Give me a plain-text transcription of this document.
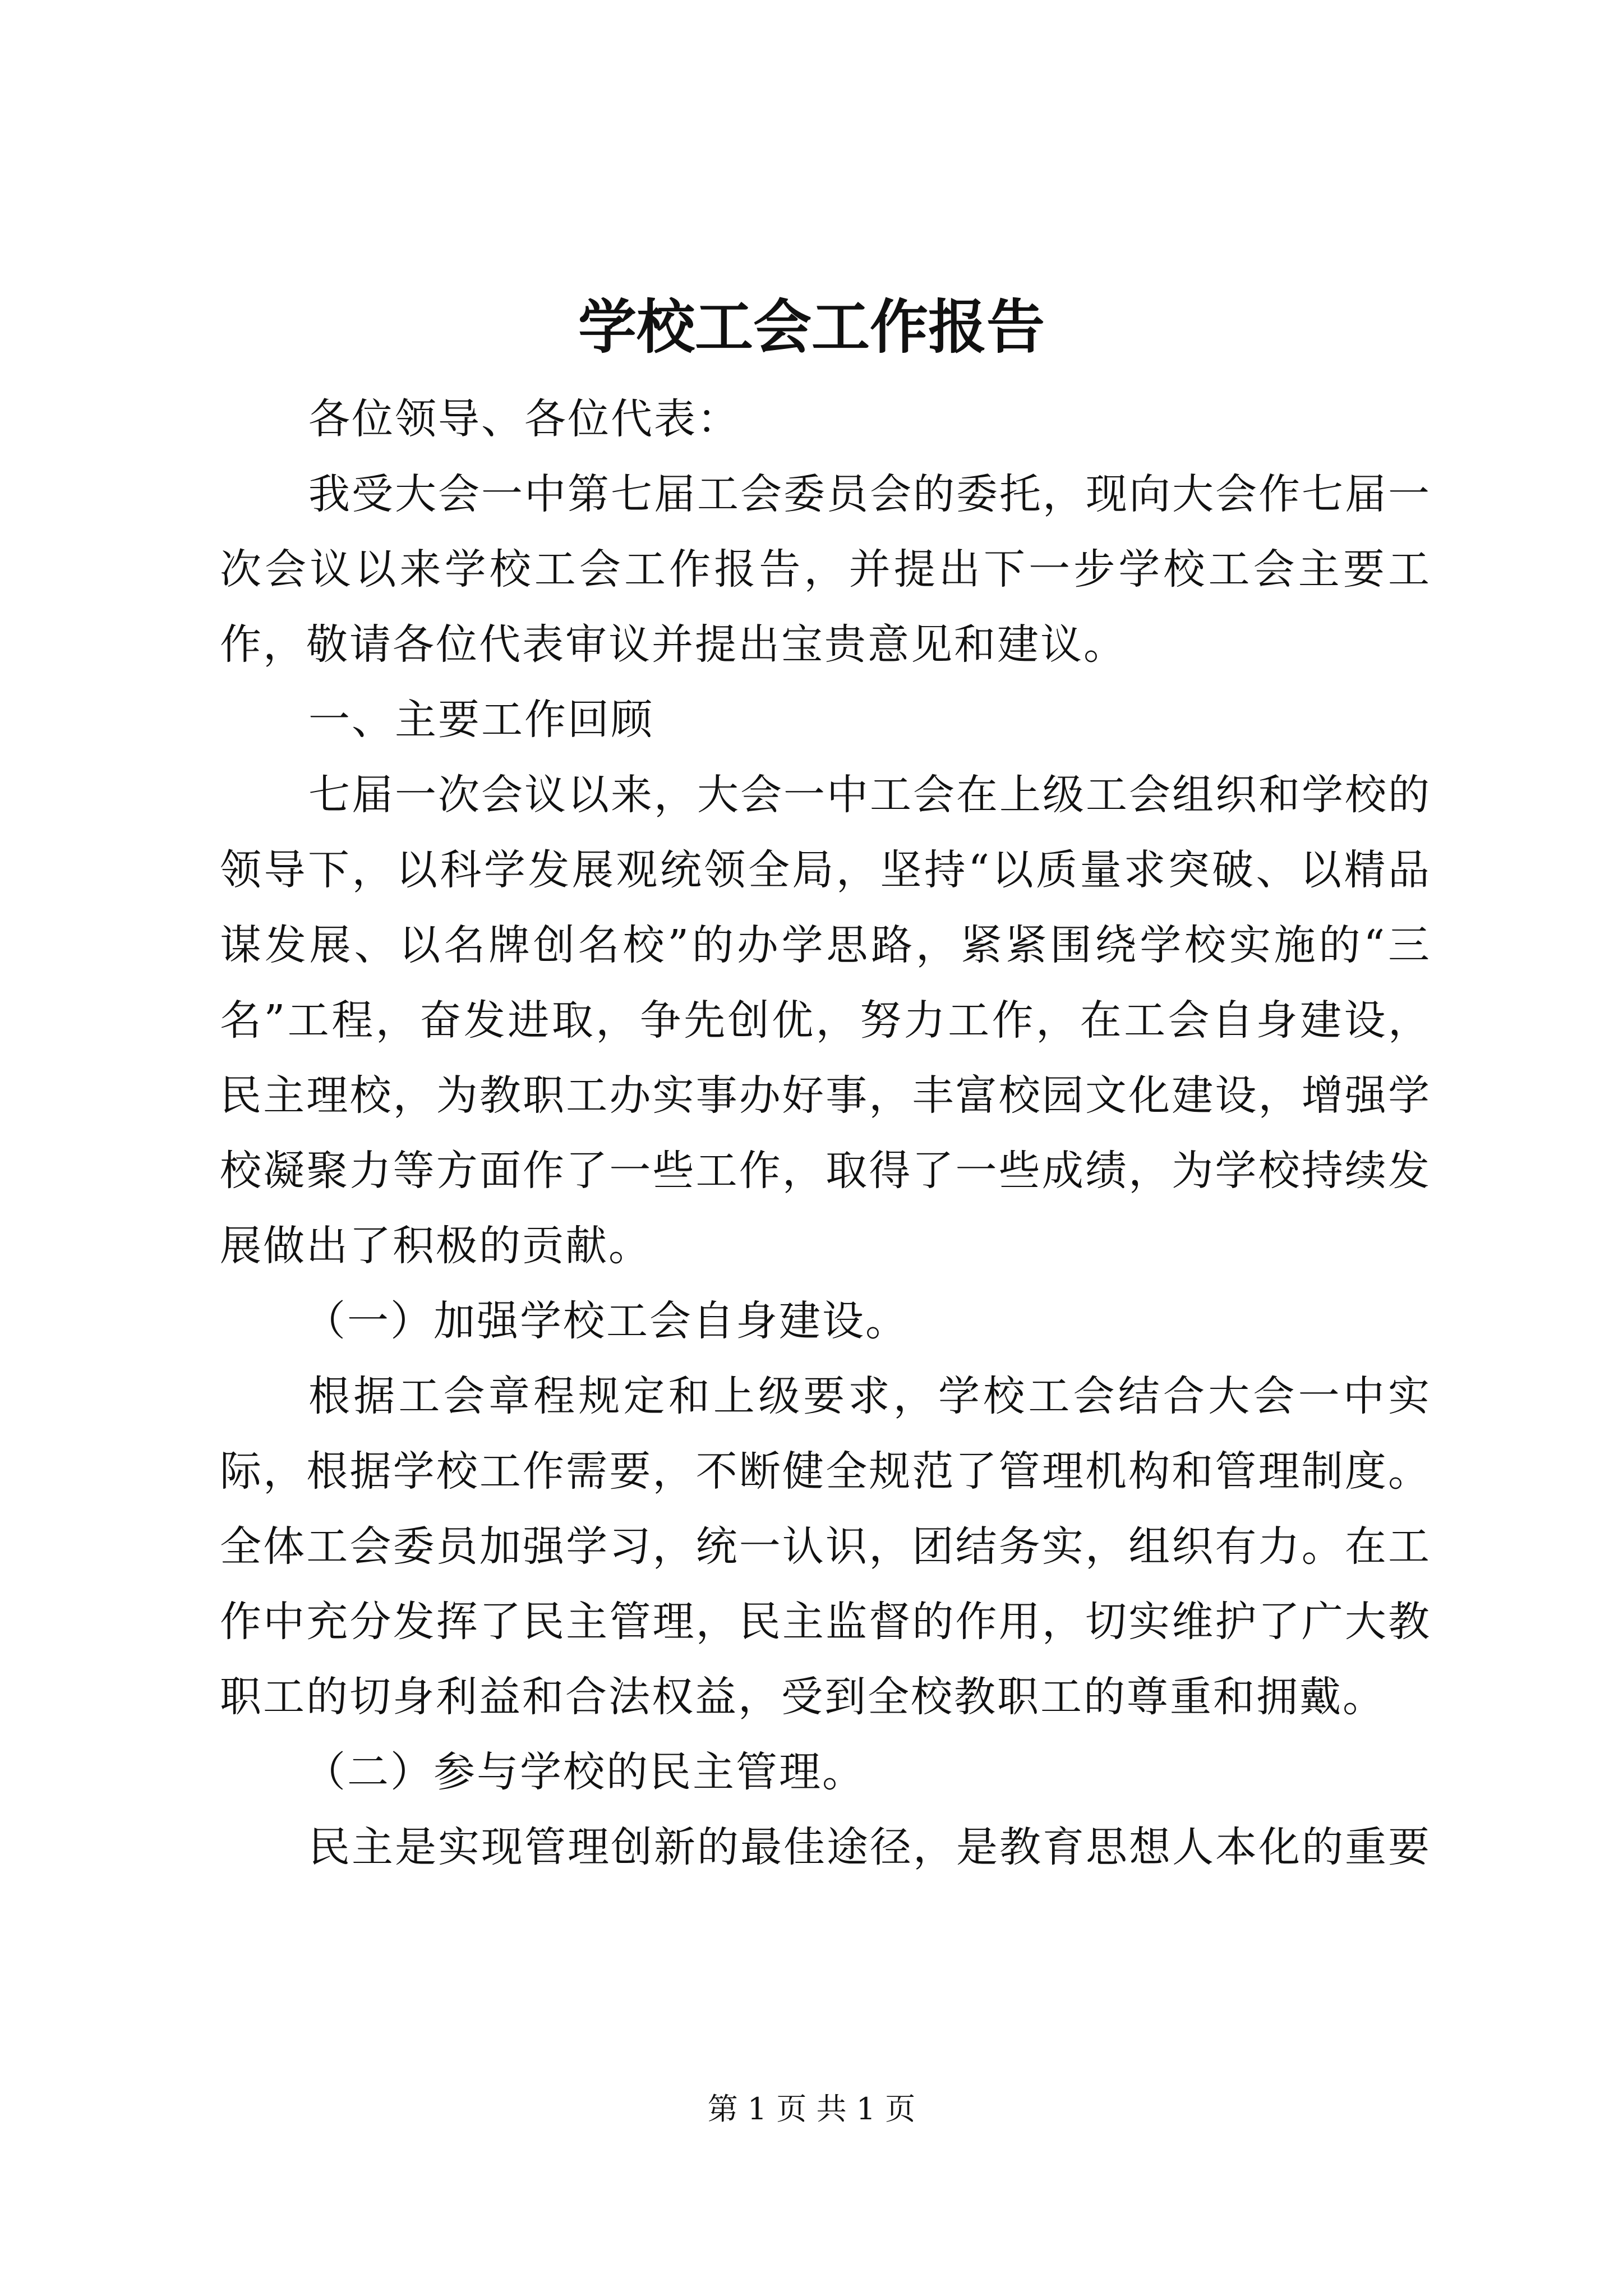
学校工会工作报告

各位领导、各位代表：

我受大会一中第七届工会委员会的委托，现向大会作七届一次会议以来学校工会工作报告，并提出下一步学校工会主要工作，敬请各位代表审议并提出宝贵意见和建议。

一、主要工作回顾

七届一次会议以来，大会一中工会在上级工会组织和学校的领导下，以科学发展观统领全局，坚持“以质量求突破、以精品谋发展、以名牌创名校”的办学思路，紧紧围绕学校实施的“三名”工程，奋发进取，争先创优，努力工作，在工会自身建设，民主理校，为教职工办实事办好事，丰富校园文化建设，增强学校凝聚力等方面作了一些工作，取得了一些成绩，为学校持续发展做出了积极的贡献。

（一）加强学校工会自身建设。

根据工会章程规定和上级要求，学校工会结合大会一中实际，根据学校工作需要，不断健全规范了管理机构和管理制度。全体工会委员加强学习，统一认识，团结务实，组织有力。在工作中充分发挥了民主管理，民主监督的作用，切实维护了广大教职工的切身利益和合法权益，受到全校教职工的尊重和拥戴。

（二）参与学校的民主管理。

民主是实现管理创新的最佳途径，是教育思想人本化的重要

第 1 页 共 1 页
